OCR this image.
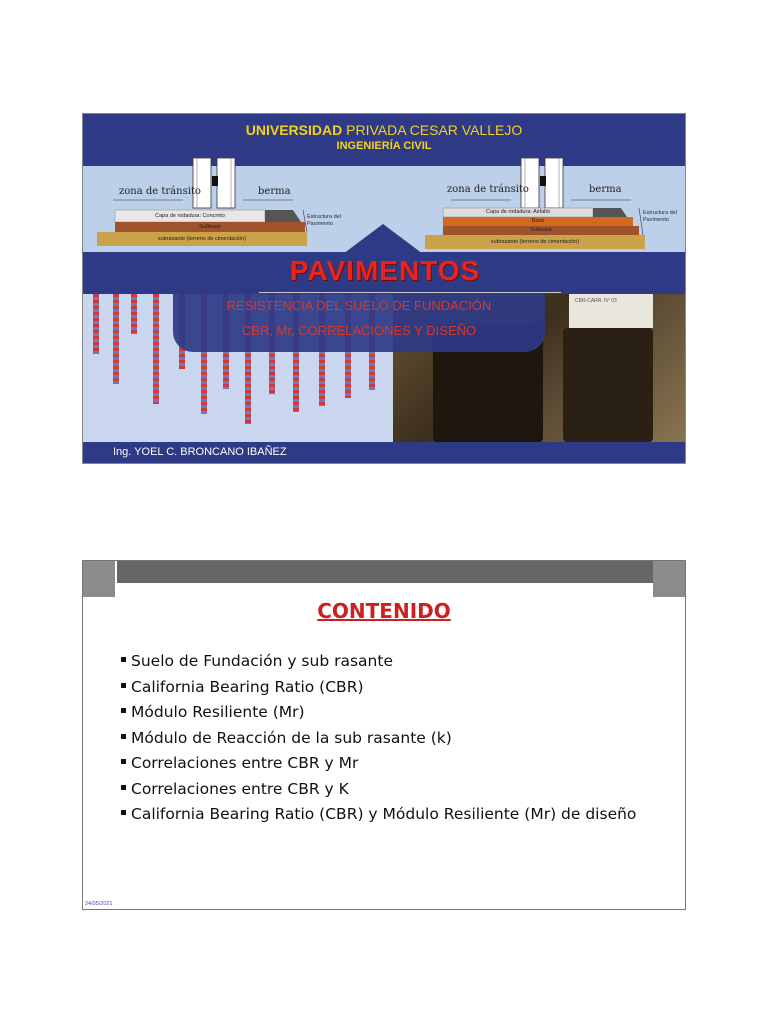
UNIVERSIDAD PRIVADA CESAR VALLEJO
INGENIERÍA CIVIL
zona de tránsito	berma
Capa de rodadura: Concreto
Subbase
subrasante (terreno de cimentación)
Estructura del Pavimento
zona de tránsito	berma
Capa de rodadura: Asfalto
Base
Subbase
subrasante (terreno de cimentación)
Estructura del Pavimento
CBR-CARR. N° 03
PAVIMENTOS
RESISTENCIA DEL SUELO DE FUNDACIÓN
CBR, Mr, CORRELACIONES Y DISEÑO
Ing. YOEL C. BRONCANO IBAÑEZ
CONTENIDO
Suelo de Fundación y sub rasante
California Bearing Ratio (CBR)
Módulo Resiliente (Mr)
Módulo de Reacción de la sub rasante (k)
Correlaciones entre CBR y Mr
Correlaciones entre CBR y K
California Bearing Ratio (CBR) y Módulo Resiliente (Mr) de diseño
24/05/2021
